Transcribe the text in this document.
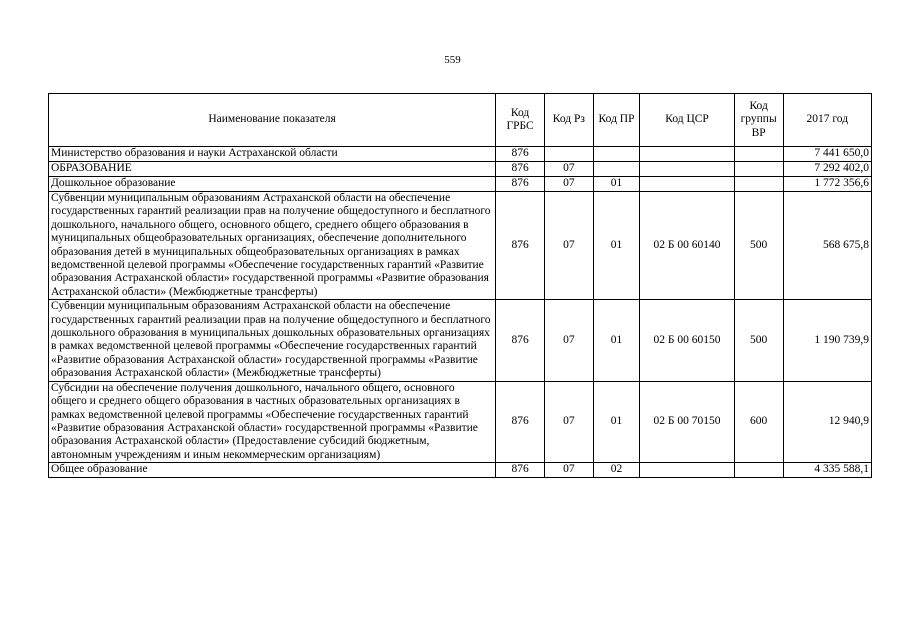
559
Наименование показателя	Код ГРБС	Код Рз	Код ПР	Код ЦСР	Код группы ВР	2017 год
Министерство образования и науки Астраханской области	876					7 441 650,0
ОБРАЗОВАНИЕ	876	07				7 292 402,0
Дошкольное образование	876	07	01			1 772 356,6
Субвенции муниципальным образованиям Астраханской области на обеспечение государственных гарантий реализации прав на получение общедоступного и бесплатного дошкольного, начального общего, основного общего, среднего общего образования в муниципальных общеобразовательных организациях, обеспечение дополнительного образования детей в муниципальных общеобразовательных организациях в рамках ведомственной целевой программы «Обеспечение государственных гарантий «Развитие образования Астраханской области» государственной программы «Развитие образования Астраханской области» (Межбюджетные трансферты)	876	07	01	02 Б 00 60140	500	568 675,8
Субвенции муниципальным образованиям Астраханской области на обеспечение государственных гарантий реализации прав на получение общедоступного и бесплатного дошкольного образования в муниципальных дошкольных образовательных организациях в рамках ведомственной целевой программы «Обеспечение государственных гарантий «Развитие образования Астраханской области» государственной программы «Развитие образования Астраханской области» (Межбюджетные трансферты)	876	07	01	02 Б 00 60150	500	1 190 739,9
Субсидии на обеспечение получения дошкольного, начального общего, основного общего и среднего общего образования в частных образовательных организациях в рамках ведомственной целевой программы «Обеспечение государственных гарантий «Развитие образования Астраханской области» государственной программы «Развитие образования Астраханской области» (Предоставление субсидий бюджетным, автономным учреждениям и иным некоммерческим организациям)	876	07	01	02 Б 00 70150	600	12 940,9
Общее образование	876	07	02			4 335 588,1
